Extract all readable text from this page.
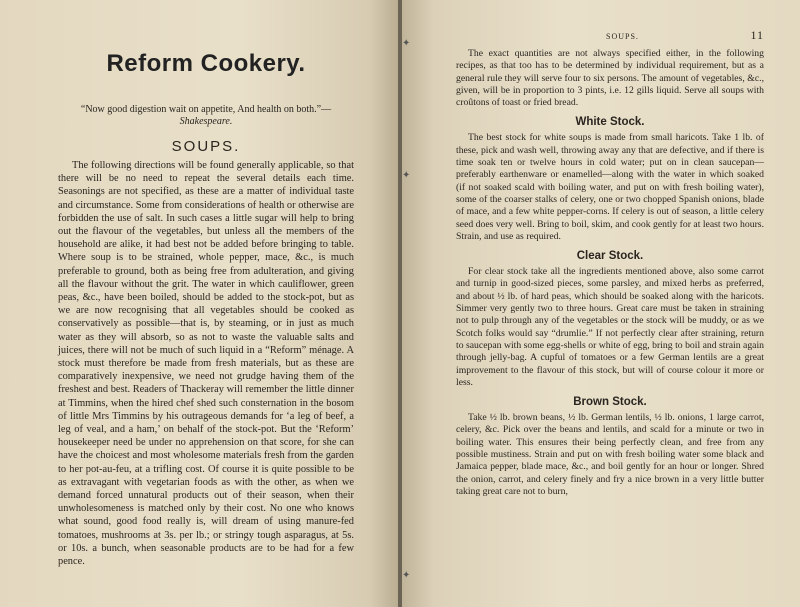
Reform Cookery.
“Now good digestion wait on appetite, And health on both.”—Shakespeare.
SOUPS.
The following directions will be found generally applicable, so that there will be no need to repeat the several details each time. Seasonings are not specified, as these are a matter of individual taste and circumstance. Some from considerations of health or otherwise are forbidden the use of salt. In such cases a little sugar will help to bring out the flavour of the vegetables, but unless all the members of the household are alike, it had best not be added before bringing to table. Where soup is to be strained, whole pepper, mace, &c., is much preferable to ground, both as being free from adulteration, and giving all the flavour without the grit. The water in which cauliflower, green peas, &c., have been boiled, should be added to the stock-pot, but as we are now recognising that all vegetables should be cooked as conservatively as possible—that is, by steaming, or in just as much water as they will absorb, so as not to waste the valuable salts and juices, there will not be much of such liquid in a “Reform” ménage. A stock must therefore be made from fresh materials, but as these are comparatively inexpensive, we need not grudge having them of the freshest and best. Readers of Thackeray will remember the little dinner at Timmins, when the hired chef shed such consternation in the bosom of little Mrs Timmins by his outrageous demands for ‘a leg of beef, a leg of veal, and a ham,’ on behalf of the stock-pot. But the ‘Reform’ housekeeper need be under no apprehension on that score, for she can have the choicest and most wholesome materials fresh from the garden to her pot-au-feu, at a trifling cost. Of course it is quite possible to be as extravagant with vegetarian foods as with the other, as when we demand forced unnatural products out of their season, when their unwholesomeness is matched only by their cost. No one who knows what sound, good food really is, will dream of using manure-fed tomatoes, mushrooms at 3s. per lb.; or stringy tough asparagus, at 5s. or 10s. a bunch, when seasonable products are to be had for a few pence.
✦
✦
✦
SOUPS.	11

The exact quantities are not always specified either, in the following recipes, as that too has to be determined by individual requirement, but as a general rule they will serve four to six persons. The amount of vegetables, &c., given, will be in proportion to 3 pints, i.e. 12 gills liquid. Serve all soups with croûtons of toast or fried bread.

White Stock.

The best stock for white soups is made from small haricots. Take 1 lb. of these, pick and wash well, throwing away any that are defective, and if there is time soak ten or twelve hours in cold water; put on in clean saucepan—preferably earthenware or enamelled—along with the water in which soaked (if not soaked scald with boiling water, and put on with fresh boiling water), some of the coarser stalks of celery, one or two chopped Spanish onions, blade of mace, and a few white pepper-corns. If celery is out of season, a little celery seed does very well. Bring to boil, skim, and cook gently for at least two hours. Strain, and use as required.

Clear Stock.

For clear stock take all the ingredients mentioned above, also some carrot and turnip in good-sized pieces, some parsley, and mixed herbs as preferred, and about ½ lb. of hard peas, which should be soaked along with the haricots. Simmer very gently two to three hours. Great care must be taken in straining not to pulp through any of the vegetables or the stock will be muddy, or as we Scotch folks would say “drumlie.” If not perfectly clear after straining, return to saucepan with some egg-shells or white of egg, bring to boil and strain again through jelly-bag. A cupful of tomatoes or a few German lentils are a great improvement to the flavour of this stock, but will of course colour it more or less.

Brown Stock.

Take ½ lb. brown beans, ½ lb. German lentils, ½ lb. onions, 1 large carrot, celery, &c. Pick over the beans and lentils, and scald for a minute or two in boiling water. This ensures their being perfectly clean, and free from any possible mustiness. Strain and put on with fresh boiling water some black and Jamaica pepper, blade mace, &c., and boil gently for an hour or longer. Shred the onion, carrot, and celery finely and fry a nice brown in a very little butter taking great care not to burn,
